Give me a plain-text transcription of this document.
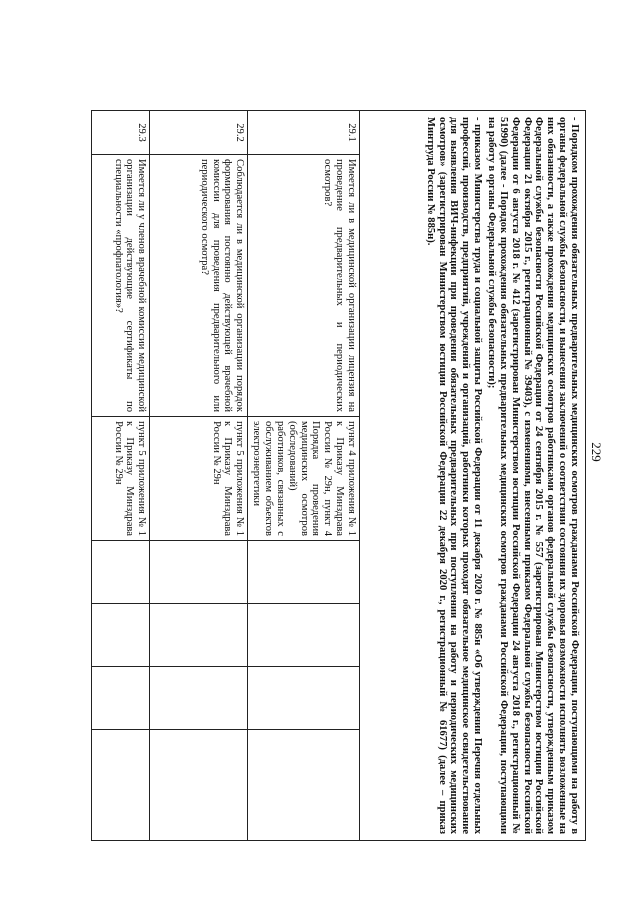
229

- Порядком прохождения обязательных предварительных медицинских осмотров гражданами Российской Федерации, поступающими на работу в органы федеральной службы безопасности, и вынесения заключений о соответствии состояния их здоровья возможности исполнять возложенные на них обязанности, а также прохождения медицинских осмотров работниками органов федеральной службы безопасности, утвержденным приказом Федеральной службы безопасности Российской Федерации от 24 сентября 2015 г. № 557 (зарегистрирован Министерством юстиции Российской Федерации 21 октября 2015 г., регистрационный № 39403), с изменениями, внесенными приказом Федеральной службы безопасности Российской Федерации от 6 августа 2018 г. № 412 (зарегистрирован Министерством юстиции Российской Федерации 24 августа 2018 г., регистрационный № 51990) (далее - Порядок прохождения обязательных предварительных медицинских осмотров гражданами Российской Федерации, поступающими на работу в органы Федеральной службы безопасности);

- приказом Министерства труда и социальной защиты Российской Федерации от 11 декабря 2020 г. № 885н «Об утверждении Перечня отдельных профессий, производств, предприятий, учреждений и организаций, работники которых проходят обязательное медицинское освидетельствование для выявления ВИЧ-инфекции при проведении обязательных предварительных при поступлении на работу и периодических медицинских осмотров» (зарегистрирован Министерством юстиции Российской Федерации 22 декабря 2020 г., регистрационный № 61677) (далее – приказ Минтруда России № 885н).						

29.1	Имеется ли в медицинской организации лицензия на проведение предварительных и периодических осмотров?	пункт 4 приложения № 1 к Приказу Минздрава России № 29н, пункт 4 Порядка проведения медицинских осмотров (обследований) работников, связанных с обслуживанием объектов электроэнергетики				
29.2	Соблюдается ли в медицинской организации порядок формирования постоянно действующей врачебной комиссии для проведения предварительного или периодического осмотра?	пункт 5 приложения № 1 к Приказу Минздрава России № 29н				
29.3	Имеется ли у членов врачебной комиссии медицинской организации действующие сертификаты по специальности «профпатология»?	пункт 5 приложения № 1 к Приказу Минздрава России № 29н				
